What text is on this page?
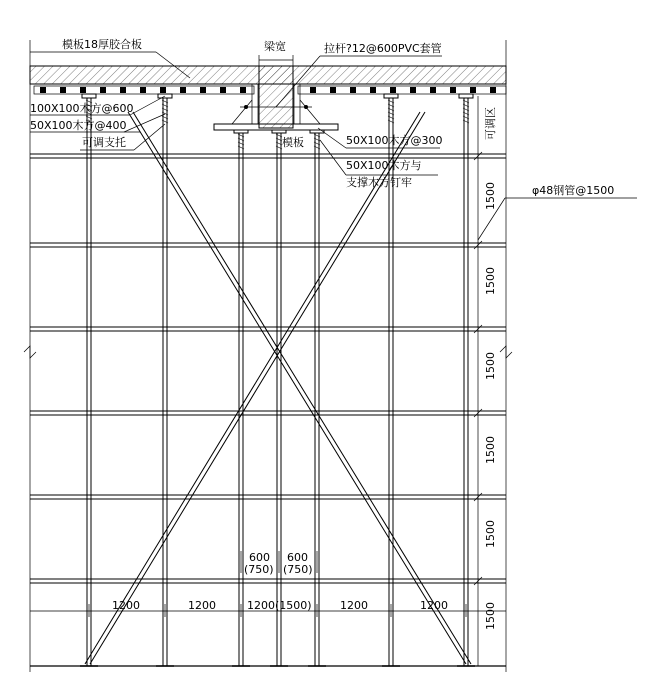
模板18厚胶合板	梁宽	拉杆?12@600PVC套管
100X100木方@600
50X100木方@400
可调支托	50X100木方@300
模板
50X100木方与
支撑木方钉牢
φ48钢管@1500
可调区
1500
1500
1500
1500
1500
1500
1200	1200	1200(1500)	1200	1200
600 600
(750) (750)
